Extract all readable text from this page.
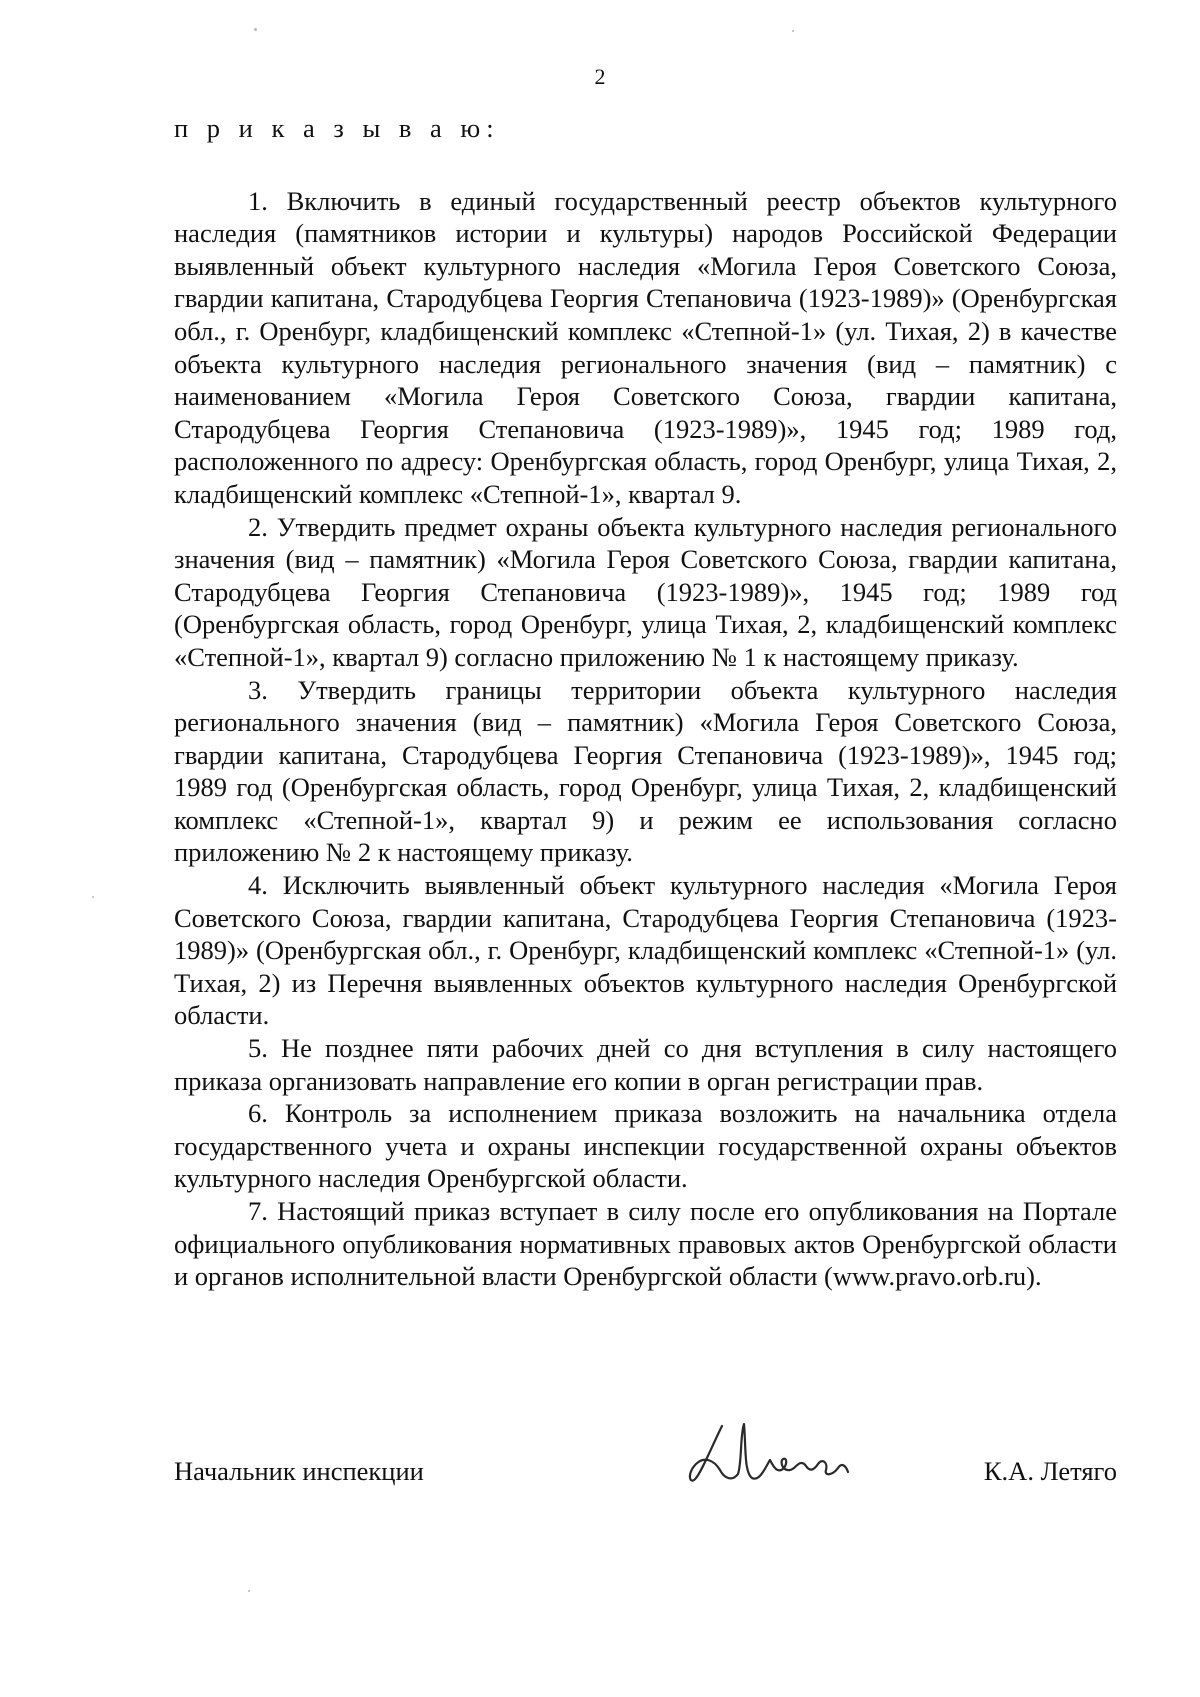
2

п р и к а з ы в а ю:

1. Включить в единый государственный реестр объектов культурного наследия (памятников истории и культуры) народов Российской Федерации выявленный объект культурного наследия «Могила Героя Советского Союза, гвардии капитана, Стародубцева Георгия Степановича (1923-1989)» (Оренбургская обл., г. Оренбург, кладбищенский комплекс «Степной-1» (ул. Тихая, 2) в качестве объекта культурного наследия регионального значения (вид – памятник) с наименованием «Могила Героя Советского Союза, гвардии капитана, Стародубцева Георгия Степановича (1923-1989)», 1945 год; 1989 год, расположенного по адресу: Оренбургская область, город Оренбург, улица Тихая, 2, кладбищенский комплекс «Степной-1», квартал 9.

2. Утвердить предмет охраны объекта культурного наследия регионального значения (вид – памятник) «Могила Героя Советского Союза, гвардии капитана, Стародубцева Георгия Степановича (1923-1989)», 1945 год; 1989 год (Оренбургская область, город Оренбург, улица Тихая, 2, кладбищенский комплекс «Степной-1», квартал 9) согласно приложению № 1 к настоящему приказу.

3. Утвердить границы территории объекта культурного наследия регионального значения (вид – памятник) «Могила Героя Советского Союза, гвардии капитана, Стародубцева Георгия Степановича (1923-1989)», 1945 год; 1989 год (Оренбургская область, город Оренбург, улица Тихая, 2, кладбищенский комплекс «Степной-1», квартал 9) и режим ее использования согласно приложению № 2 к настоящему приказу.

4. Исключить выявленный объект культурного наследия «Могила Героя Советского Союза, гвардии капитана, Стародубцева Георгия Степановича (1923-1989)» (Оренбургская обл., г. Оренбург, кладбищенский комплекс «Степной-1» (ул. Тихая, 2) из Перечня выявленных объектов культурного наследия Оренбургской области.

5. Не позднее пяти рабочих дней со дня вступления в силу настоящего приказа организовать направление его копии в орган регистрации прав.

6. Контроль за исполнением приказа возложить на начальника отдела государственного учета и охраны инспекции государственной охраны объектов культурного наследия Оренбургской области.

7. Настоящий приказ вступает в силу после его опубликования на Портале официального опубликования нормативных правовых актов Оренбургской области и органов исполнительной власти Оренбургской области (www.pravo.orb.ru).

Начальник инспекции	К.А. Летяго
